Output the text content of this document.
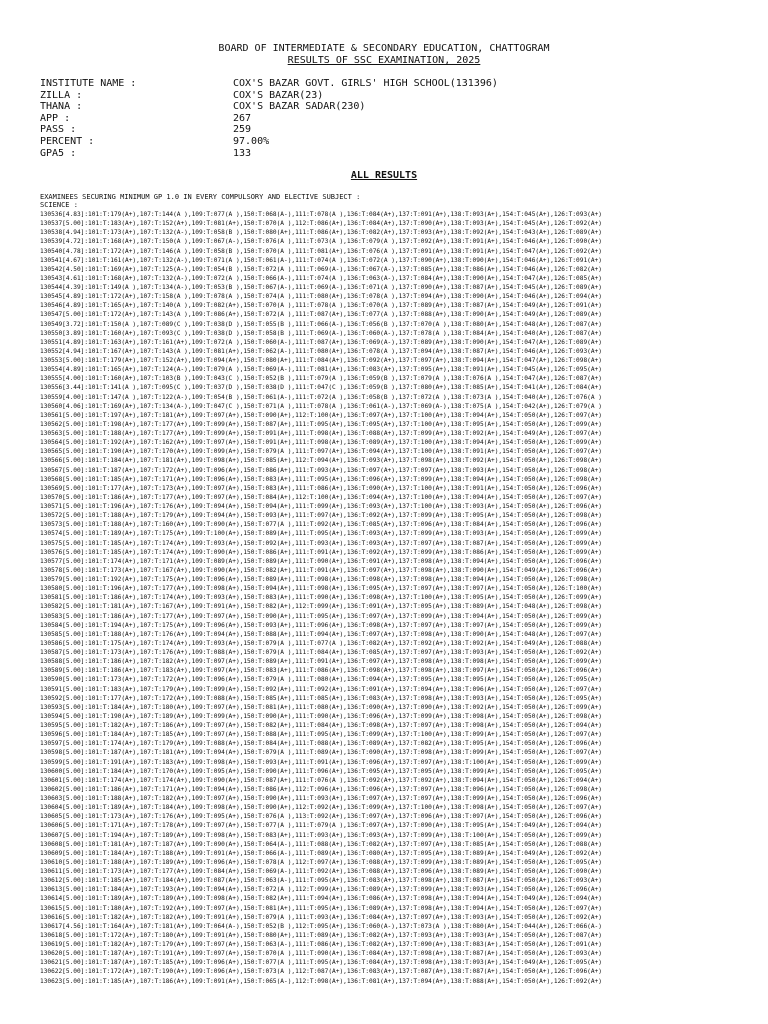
BOARD OF INTERMEDIATE & SECONDARY EDUCATION, CHATTOGRAM
RESULTS OF SSC EXAMINATION, 2025
INSTITUTE NAME :	COX'S BAZAR GOVT. GIRLS' HIGH SCHOOL(131396)
ZILLA :	COX'S BAZAR(23)
THANA :	COX'S BAZAR SADAR(230)
APP :	267
PASS :	259
PERCENT :	97.00%
GPA5 :	133
ALL RESULTS
EXAMINEES SECURING MINIMUM GP 1.0 IN EVERY COMPULSORY AND ELECTIVE SUBJECT :
SCIENCE :
130536[4.83]:101:T:179(A+),107:T:144(A ),109:T:077(A ),150:T:068(A-),111:T:078(A ),136:T:084(A+),137:T:091(A+),138:T:093(A+),154:T:045(A+),126:T:093(A+)
130537[5.00]:101:T:183(A+),107:T:152(A+),109:T:081(A+),150:T:070(A ),112:T:086(A+),136:T:084(A+),137:T:090(A+),138:T:093(A+),154:T:045(A+),126:T:092(A+)
130538[4.94]:101:T:173(A+),107:T:132(A-),109:T:058(B ),150:T:080(A+),111:T:086(A+),136:T:082(A+),137:T:093(A+),138:T:092(A+),154:T:043(A+),126:T:089(A+)
130539[4.72]:101:T:168(A+),107:T:150(A ),109:T:067(A-),150:T:076(A ),111:T:073(A ),136:T:079(A ),137:T:092(A+),138:T:091(A+),154:T:046(A+),126:T:090(A+)
130540[4.78]:101:T:172(A+),107:T:146(A ),109:T:058(B ),150:T:070(A ),111:T:081(A+),136:T:076(A ),137:T:091(A+),138:T:091(A+),154:T:047(A+),126:T:092(A+)
130541[4.67]:101:T:161(A+),107:T:132(A-),109:T:071(A ),150:T:061(A-),111:T:074(A ),136:T:072(A ),137:T:090(A+),138:T:090(A+),154:T:046(A+),126:T:091(A+)
130542[4.50]:101:T:169(A+),107:T:125(A-),109:T:054(B ),150:T:072(A ),111:T:069(A-),136:T:067(A-),137:T:085(A+),138:T:086(A+),154:T:046(A+),126:T:082(A+)
130543[4.61]:101:T:168(A+),107:T:132(A-),109:T:072(A ),150:T:066(A-),111:T:074(A ),136:T:063(A-),137:T:084(A+),138:T:090(A+),154:T:047(A+),126:T:085(A+)
130544[4.39]:101:T:149(A ),107:T:134(A-),109:T:053(B ),150:T:067(A-),111:T:069(A-),136:T:071(A ),137:T:090(A+),138:T:087(A+),154:T:045(A+),126:T:089(A+)
130545[4.89]:101:T:172(A+),107:T:158(A ),109:T:078(A ),150:T:074(A ),111:T:080(A+),136:T:078(A ),137:T:094(A+),138:T:090(A+),154:T:046(A+),126:T:094(A+)
130546[4.89]:101:T:165(A+),107:T:140(A ),109:T:082(A+),150:T:070(A ),111:T:078(A ),136:T:070(A ),137:T:089(A+),138:T:087(A+),154:T:049(A+),126:T:091(A+)
130547[5.00]:101:T:172(A+),107:T:143(A ),109:T:086(A+),150:T:072(A ),111:T:087(A+),136:T:077(A ),137:T:088(A+),138:T:090(A+),154:T:049(A+),126:T:089(A+)
130549[3.72]:101:T:150(A ),107:T:089(C ),109:T:038(D ),150:T:055(B ),111:T:066(A-),136:T:056(B ),137:T:070(A ),138:T:080(A+),154:T:048(A+),126:T:087(A+)
130550[3.89]:101:T:160(A+),107:T:093(C ),109:T:038(D ),150:T:058(B ),111:T:069(A-),136:T:060(A-),137:T:078(A ),138:T:084(A+),154:T:040(A+),126:T:087(A+)
130551[4.89]:101:T:163(A+),107:T:161(A+),109:T:072(A ),150:T:060(A-),111:T:087(A+),136:T:069(A-),137:T:089(A+),138:T:090(A+),154:T:047(A+),126:T:089(A+)
130552[4.94]:101:T:167(A+),107:T:143(A ),109:T:081(A+),150:T:062(A-),111:T:080(A+),136:T:078(A ),137:T:094(A+),138:T:087(A+),154:T:046(A+),126:T:093(A+)
130553[5.00]:101:T:179(A+),107:T:152(A+),109:T:094(A+),150:T:080(A+),111:T:084(A+),136:T:092(A+),137:T:097(A+),138:T:094(A+),154:T:047(A+),126:T:098(A+)
130554[4.89]:101:T:165(A+),107:T:124(A-),109:T:079(A ),150:T:069(A-),111:T:081(A+),136:T:083(A+),137:T:095(A+),138:T:091(A+),154:T:045(A+),126:T:095(A+)
130555[4.00]:101:T:160(A+),107:T:103(B ),109:T:043(C ),150:T:052(B ),111:T:079(A ),136:T:059(B ),137:T:079(A ),138:T:076(A ),154:T:047(A+),126:T:087(A+)
130556[3.44]:101:T:141(A ),107:T:095(C ),109:T:037(D ),150:T:038(D ),111:T:047(C ),136:T:059(B ),137:T:080(A+),138:T:085(A+),154:T:041(A+),126:T:084(A+)
130559[4.00]:101:T:147(A ),107:T:122(A-),109:T:054(B ),150:T:061(A-),111:T:072(A ),136:T:058(B ),137:T:072(A ),138:T:073(A ),154:T:040(A+),126:T:076(A )
130560[4.06]:101:T:169(A+),107:T:134(A-),109:T:047(C ),150:T:071(A ),111:T:078(A ),136:T:061(A-),137:T:069(A-),138:T:075(A ),154:T:042(A+),126:T:079(A )
130561[5.00]:101:T:197(A+),107:T:181(A+),109:T:097(A+),150:T:090(A+),112:T:100(A+),136:T:097(A+),137:T:100(A+),138:T:094(A+),154:T:050(A+),126:T:097(A+)
130562[5.00]:101:T:198(A+),107:T:177(A+),109:T:099(A+),150:T:087(A+),111:T:095(A+),136:T:095(A+),137:T:100(A+),138:T:095(A+),154:T:050(A+),126:T:099(A+)
130563[5.00]:101:T:188(A+),107:T:177(A+),109:T:099(A+),150:T:091(A+),111:T:098(A+),136:T:088(A+),137:T:099(A+),138:T:092(A+),154:T:049(A+),126:T:097(A+)
130564[5.00]:101:T:192(A+),107:T:162(A+),109:T:097(A+),150:T:091(A+),111:T:098(A+),136:T:089(A+),137:T:100(A+),138:T:094(A+),154:T:050(A+),126:T:099(A+)
130565[5.00]:101:T:190(A+),107:T:170(A+),109:T:099(A+),150:T:079(A ),111:T:097(A+),136:T:094(A+),137:T:100(A+),138:T:091(A+),154:T:050(A+),126:T:097(A+)
130566[5.00]:101:T:184(A+),107:T:181(A+),109:T:098(A+),150:T:085(A+),112:T:094(A+),136:T:093(A+),137:T:098(A+),138:T:092(A+),154:T:050(A+),126:T:098(A+)
130567[5.00]:101:T:187(A+),107:T:172(A+),109:T:096(A+),150:T:086(A+),111:T:093(A+),136:T:097(A+),137:T:097(A+),138:T:093(A+),154:T:050(A+),126:T:098(A+)
130568[5.00]:101:T:185(A+),107:T:171(A+),109:T:096(A+),150:T:083(A+),111:T:095(A+),136:T:096(A+),137:T:099(A+),138:T:094(A+),154:T:050(A+),126:T:098(A+)
130569[5.00]:101:T:177(A+),107:T:173(A+),109:T:097(A+),150:T:083(A+),111:T:086(A+),136:T:090(A+),137:T:100(A+),138:T:091(A+),154:T:050(A+),126:T:096(A+)
130570[5.00]:101:T:186(A+),107:T:177(A+),109:T:097(A+),150:T:084(A+),112:T:100(A+),136:T:094(A+),137:T:100(A+),138:T:094(A+),154:T:050(A+),126:T:097(A+)
130571[5.00]:101:T:196(A+),107:T:176(A+),109:T:094(A+),150:T:094(A+),111:T:099(A+),136:T:093(A+),137:T:100(A+),138:T:093(A+),154:T:050(A+),126:T:096(A+)
130572[5.00]:101:T:188(A+),107:T:179(A+),109:T:094(A+),150:T:093(A+),111:T:097(A+),136:T:092(A+),137:T:099(A+),138:T:095(A+),154:T:050(A+),126:T:098(A+)
130573[5.00]:101:T:188(A+),107:T:160(A+),109:T:090(A+),150:T:077(A ),111:T:092(A+),136:T:085(A+),137:T:096(A+),138:T:084(A+),154:T:050(A+),126:T:096(A+)
130574[5.00]:101:T:189(A+),107:T:175(A+),109:T:100(A+),150:T:089(A+),111:T:095(A+),136:T:093(A+),137:T:099(A+),138:T:093(A+),154:T:050(A+),126:T:099(A+)
130575[5.00]:101:T:185(A+),107:T:174(A+),109:T:093(A+),150:T:092(A+),111:T:093(A+),136:T:093(A+),137:T:097(A+),138:T:087(A+),154:T:050(A+),126:T:099(A+)
130576[5.00]:101:T:185(A+),107:T:174(A+),109:T:090(A+),150:T:086(A+),111:T:091(A+),136:T:092(A+),137:T:099(A+),138:T:086(A+),154:T:050(A+),126:T:099(A+)
130577[5.00]:101:T:174(A+),107:T:171(A+),109:T:089(A+),150:T:089(A+),111:T:090(A+),136:T:091(A+),137:T:098(A+),138:T:094(A+),154:T:050(A+),126:T:096(A+)
130578[5.00]:101:T:173(A+),107:T:167(A+),109:T:090(A+),150:T:082(A+),111:T:091(A+),136:T:097(A+),137:T:098(A+),138:T:090(A+),154:T:049(A+),126:T:096(A+)
130579[5.00]:101:T:192(A+),107:T:175(A+),109:T:096(A+),150:T:089(A+),111:T:098(A+),136:T:098(A+),137:T:098(A+),138:T:094(A+),154:T:050(A+),126:T:098(A+)
130580[5.00]:101:T:196(A+),107:T:177(A+),109:T:098(A+),150:T:094(A+),111:T:098(A+),136:T:095(A+),137:T:097(A+),138:T:097(A+),154:T:050(A+),126:T:100(A+)
130581[5.00]:101:T:186(A+),107:T:174(A+),109:T:093(A+),150:T:083(A+),111:T:090(A+),136:T:098(A+),137:T:100(A+),138:T:095(A+),154:T:050(A+),126:T:099(A+)
130582[5.00]:101:T:181(A+),107:T:167(A+),109:T:091(A+),150:T:082(A+),112:T:099(A+),136:T:091(A+),137:T:095(A+),138:T:089(A+),154:T:048(A+),126:T:098(A+)
130583[5.00]:101:T:186(A+),107:T:177(A+),109:T:097(A+),150:T:090(A+),111:T:095(A+),136:T:097(A+),137:T:099(A+),138:T:094(A+),154:T:050(A+),126:T:099(A+)
130584[5.00]:101:T:194(A+),107:T:175(A+),109:T:096(A+),150:T:093(A+),111:T:096(A+),136:T:098(A+),137:T:097(A+),138:T:097(A+),154:T:050(A+),126:T:099(A+)
130585[5.00]:101:T:188(A+),107:T:176(A+),109:T:094(A+),150:T:088(A+),111:T:094(A+),136:T:097(A+),137:T:098(A+),138:T:090(A+),154:T:048(A+),126:T:097(A+)
130586[5.00]:101:T:175(A+),107:T:174(A+),109:T:093(A+),150:T:079(A ),111:T:077(A ),136:T:082(A+),137:T:092(A+),138:T:092(A+),154:T:049(A+),126:T:088(A+)
130587[5.00]:101:T:173(A+),107:T:176(A+),109:T:088(A+),150:T:079(A ),111:T:084(A+),136:T:085(A+),137:T:097(A+),138:T:093(A+),154:T:050(A+),126:T:092(A+)
130588[5.00]:101:T:186(A+),107:T:182(A+),109:T:097(A+),150:T:089(A+),111:T:091(A+),136:T:097(A+),137:T:098(A+),138:T:098(A+),154:T:050(A+),126:T:099(A+)
130589[5.00]:101:T:186(A+),107:T:183(A+),109:T:097(A+),150:T:083(A+),111:T:086(A+),136:T:098(A+),137:T:098(A+),138:T:097(A+),154:T:050(A+),126:T:096(A+)
130590[5.00]:101:T:173(A+),107:T:172(A+),109:T:096(A+),150:T:079(A ),111:T:080(A+),136:T:094(A+),137:T:095(A+),138:T:095(A+),154:T:050(A+),126:T:095(A+)
130591[5.00]:101:T:183(A+),107:T:179(A+),109:T:099(A+),150:T:092(A+),111:T:092(A+),136:T:091(A+),137:T:094(A+),138:T:096(A+),154:T:050(A+),126:T:097(A+)
130592[5.00]:101:T:177(A+),107:T:172(A+),109:T:088(A+),150:T:085(A+),111:T:085(A+),136:T:083(A+),137:T:098(A+),138:T:093(A+),154:T:050(A+),126:T:095(A+)
130593[5.00]:101:T:184(A+),107:T:180(A+),109:T:097(A+),150:T:081(A+),111:T:080(A+),136:T:090(A+),137:T:090(A+),138:T:092(A+),154:T:050(A+),126:T:099(A+)
130594[5.00]:101:T:190(A+),107:T:189(A+),109:T:099(A+),150:T:090(A+),111:T:090(A+),136:T:096(A+),137:T:099(A+),138:T:098(A+),154:T:050(A+),126:T:098(A+)
130595[5.00]:101:T:182(A+),107:T:186(A+),109:T:097(A+),150:T:082(A+),111:T:084(A+),136:T:098(A+),137:T:097(A+),138:T:098(A+),154:T:050(A+),126:T:094(A+)
130596[5.00]:101:T:184(A+),107:T:185(A+),109:T:097(A+),150:T:088(A+),111:T:095(A+),136:T:099(A+),137:T:100(A+),138:T:099(A+),154:T:050(A+),126:T:097(A+)
130597[5.00]:101:T:174(A+),107:T:179(A+),109:T:088(A+),150:T:084(A+),111:T:088(A+),136:T:089(A+),137:T:082(A+),138:T:095(A+),154:T:050(A+),126:T:096(A+)
130598[5.00]:101:T:187(A+),107:T:181(A+),109:T:094(A+),150:T:079(A ),111:T:089(A+),136:T:090(A+),137:T:098(A+),138:T:099(A+),154:T:050(A+),126:T:097(A+)
130599[5.00]:101:T:191(A+),107:T:183(A+),109:T:098(A+),150:T:093(A+),111:T:091(A+),136:T:096(A+),137:T:097(A+),138:T:100(A+),154:T:050(A+),126:T:099(A+)
130600[5.00]:101:T:184(A+),107:T:170(A+),109:T:095(A+),150:T:090(A+),111:T:096(A+),136:T:095(A+),137:T:095(A+),138:T:099(A+),154:T:050(A+),126:T:095(A+)
130601[5.00]:101:T:174(A+),107:T:174(A+),109:T:090(A+),150:T:087(A+),111:T:076(A ),136:T:092(A+),137:T:092(A+),138:T:094(A+),154:T:050(A+),126:T:094(A+)
130602[5.00]:101:T:186(A+),107:T:171(A+),109:T:094(A+),150:T:086(A+),112:T:096(A+),136:T:096(A+),137:T:097(A+),138:T:096(A+),154:T:050(A+),126:T:098(A+)
130603[5.00]:101:T:188(A+),107:T:182(A+),109:T:097(A+),150:T:090(A+),111:T:093(A+),136:T:097(A+),137:T:097(A+),138:T:099(A+),154:T:050(A+),126:T:096(A+)
130604[5.00]:101:T:189(A+),107:T:184(A+),109:T:098(A+),150:T:090(A+),112:T:092(A+),136:T:099(A+),137:T:100(A+),138:T:098(A+),154:T:050(A+),126:T:097(A+)
130605[5.00]:101:T:173(A+),107:T:176(A+),109:T:095(A+),150:T:076(A ),113:T:092(A+),136:T:097(A+),137:T:096(A+),138:T:097(A+),154:T:050(A+),126:T:096(A+)
130606[5.00]:101:T:171(A+),107:T:178(A+),109:T:097(A+),150:T:077(A ),111:T:079(A ),136:T:097(A+),137:T:090(A+),138:T:095(A+),154:T:049(A+),126:T:094(A+)
130607[5.00]:101:T:194(A+),107:T:189(A+),109:T:098(A+),150:T:083(A+),111:T:093(A+),136:T:093(A+),137:T:099(A+),138:T:100(A+),154:T:050(A+),126:T:099(A+)
130608[5.00]:101:T:181(A+),107:T:187(A+),109:T:090(A+),150:T:064(A-),111:T:088(A+),136:T:082(A+),137:T:097(A+),138:T:085(A+),154:T:050(A+),126:T:088(A+)
130609[5.00]:101:T:184(A+),107:T:188(A+),109:T:091(A+),150:T:066(A-),111:T:089(A+),136:T:080(A+),137:T:095(A+),138:T:089(A+),154:T:049(A+),126:T:092(A+)
130610[5.00]:101:T:188(A+),107:T:189(A+),109:T:096(A+),150:T:078(A ),112:T:097(A+),136:T:088(A+),137:T:099(A+),138:T:089(A+),154:T:050(A+),126:T:095(A+)
130611[5.00]:101:T:173(A+),107:T:177(A+),109:T:084(A+),150:T:069(A-),111:T:092(A+),136:T:088(A+),137:T:096(A+),138:T:089(A+),154:T:050(A+),126:T:090(A+)
130612[5.00]:101:T:185(A+),107:T:184(A+),109:T:087(A+),150:T:063(A-),111:T:095(A+),136:T:083(A+),137:T:098(A+),138:T:087(A+),154:T:050(A+),126:T:093(A+)
130613[5.00]:101:T:184(A+),107:T:193(A+),109:T:094(A+),150:T:072(A ),112:T:099(A+),136:T:089(A+),137:T:099(A+),138:T:093(A+),154:T:050(A+),126:T:096(A+)
130614[5.00]:101:T:189(A+),107:T:189(A+),109:T:098(A+),150:T:082(A+),111:T:094(A+),136:T:086(A+),137:T:098(A+),138:T:094(A+),154:T:049(A+),126:T:094(A+)
130615[5.00]:101:T:180(A+),107:T:192(A+),109:T:097(A+),150:T:081(A+),111:T:095(A+),136:T:089(A+),137:T:098(A+),138:T:094(A+),154:T:050(A+),126:T:097(A+)
130616[5.00]:101:T:182(A+),107:T:182(A+),109:T:091(A+),150:T:079(A ),111:T:093(A+),136:T:084(A+),137:T:097(A+),138:T:093(A+),154:T:050(A+),126:T:092(A+)
130617[4.56]:101:T:164(A+),107:T:181(A+),109:T:064(A-),150:T:052(B ),112:T:095(A+),136:T:060(A-),137:T:073(A ),138:T:080(A+),154:T:044(A+),126:T:066(A-)
130618[5.00]:101:T:172(A+),107:T:180(A+),109:T:091(A+),150:T:080(A+),111:T:089(A+),136:T:082(A+),137:T:093(A+),138:T:093(A+),154:T:050(A+),126:T:087(A+)
130619[5.00]:101:T:182(A+),107:T:179(A+),109:T:097(A+),150:T:063(A-),111:T:086(A+),136:T:082(A+),137:T:090(A+),138:T:083(A+),154:T:050(A+),126:T:091(A+)
130620[5.00]:101:T:187(A+),107:T:191(A+),109:T:097(A+),150:T:070(A ),111:T:090(A+),136:T:084(A+),137:T:098(A+),138:T:087(A+),154:T:050(A+),126:T:093(A+)
130621[5.00]:101:T:187(A+),107:T:185(A+),109:T:096(A+),150:T:077(A ),111:T:095(A+),136:T:084(A+),137:T:098(A+),138:T:093(A+),154:T:049(A+),126:T:095(A+)
130622[5.00]:101:T:172(A+),107:T:190(A+),109:T:096(A+),150:T:073(A ),112:T:087(A+),136:T:083(A+),137:T:087(A+),138:T:087(A+),154:T:050(A+),126:T:096(A+)
130623[5.00]:101:T:185(A+),107:T:186(A+),109:T:091(A+),150:T:065(A-),112:T:098(A+),136:T:081(A+),137:T:094(A+),138:T:088(A+),154:T:050(A+),126:T:092(A+)
